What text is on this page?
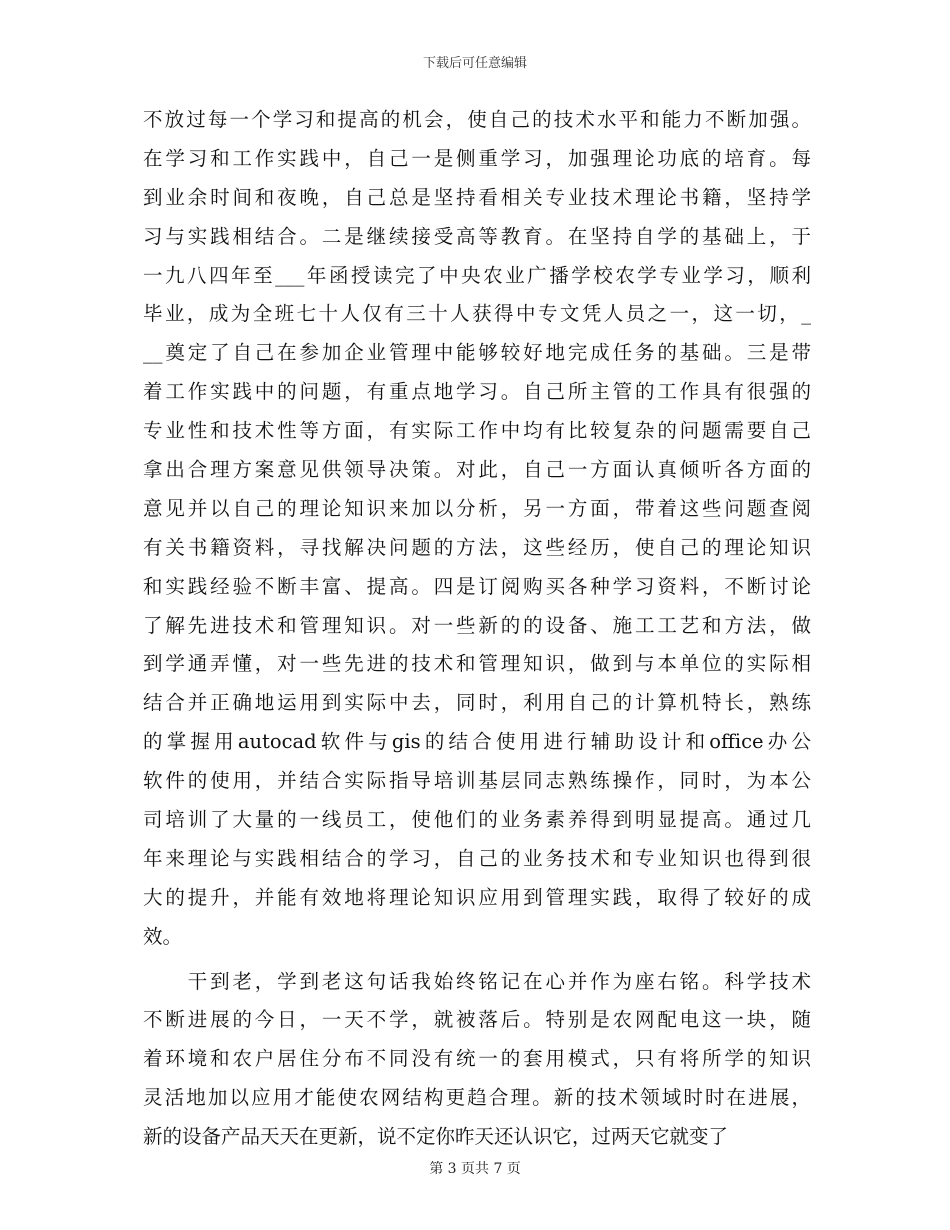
下载后可任意编辑
不放过每一个学习和提高的机会，使自己的技术水平和能力不断加强。
在学习和工作实践中，自己一是侧重学习，加强理论功底的培育。每
到业余时间和夜晚，自己总是坚持看相关专业技术理论书籍，坚持学
习与实践相结合。二是继续接受高等教育。在坚持自学的基础上，于
一九八四年至___年函授读完了中央农业广播学校农学专业学习，顺利
毕业，成为全班七十人仅有三十人获得中专文凭人员之一，这一切，_
__奠定了自己在参加企业管理中能够较好地完成任务的基础。三是带
着工作实践中的问题，有重点地学习。自己所主管的工作具有很强的
专业性和技术性等方面，有实际工作中均有比较复杂的问题需要自己
拿出合理方案意见供领导决策。对此，自己一方面认真倾听各方面的
意见并以自己的理论知识来加以分析，另一方面，带着这些问题查阅
有关书籍资料，寻找解决问题的方法，这些经历，使自己的理论知识
和实践经验不断丰富、提高。四是订阅购买各种学习资料，不断讨论
了解先进技术和管理知识。对一些新的的设备、施工工艺和方法，做
到学通弄懂，对一些先进的技术和管理知识，做到与本单位的实际相
结合并正确地运用到实际中去，同时，利用自己的计算机特长，熟练
的掌握用autocad软件与gis的结合使用进行辅助设计和office办公
软件的使用，并结合实际指导培训基层同志熟练操作，同时，为本公
司培训了大量的一线员工，使他们的业务素养得到明显提高。通过几
年来理论与实践相结合的学习，自己的业务技术和专业知识也得到很
大的提升，并能有效地将理论知识应用到管理实践，取得了较好的成
效。
　　干到老，学到老这句话我始终铭记在心并作为座右铭。科学技术
不断进展的今日，一天不学，就被落后。特别是农网配电这一块，随
着环境和农户居住分布不同没有统一的套用模式，只有将所学的知识
灵活地加以应用才能使农网结构更趋合理。新的技术领域时时在进展，
新的设备产品天天在更新，说不定你昨天还认识它，过两天它就变了
第 3 页共 7 页
